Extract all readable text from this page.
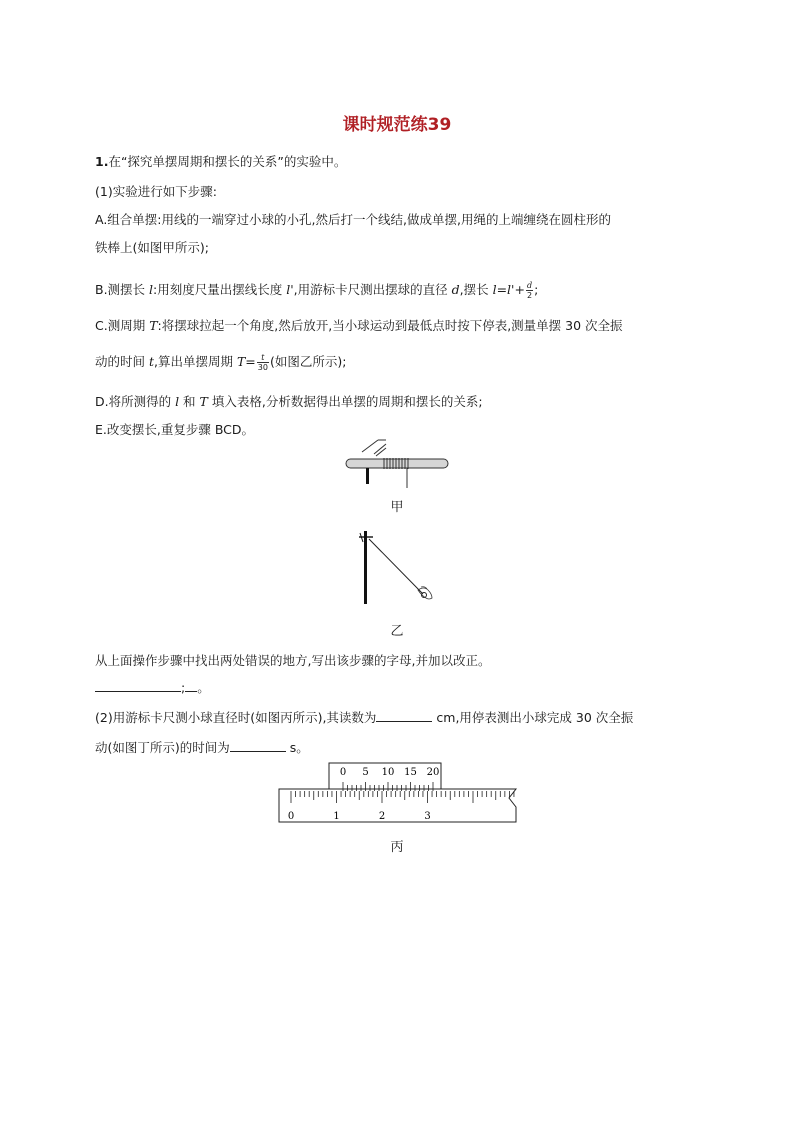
课时规范练39
1.在“探究单摆周期和摆长的关系”的实验中。
(1)实验进行如下步骤:
A.组合单摆:用线的一端穿过小球的小孔,然后打一个线结,做成单摆,用绳的上端缠绕在圆柱形的
铁棒上(如图甲所示);
B.测摆长 l:用刻度尺量出摆线长度 l',用游标卡尺测出摆球的直径 d,摆长 $l=l'+ \frac{d}{2}$ ;
C.测周期 T:将摆球拉起一个角度,然后放开,当小球运动到最低点时按下停表,测量单摆 30 次全振
动的时间 t,算出单摆周期 $T= \frac{t}{30}$ (如图乙所示);
D.将所测得的 l 和 T 填入表格,分析数据得出单摆的周期和摆长的关系;
E.改变摆长,重复步骤 BCD。
甲
乙
从上面操作步骤中找出两处错误的地方,写出该步骤的字母,并加以改正。
; 。
(2)用游标卡尺测小球直径时(如图丙所示),其读数为	cm,用停表测出小球完成 30 次全振
动(如图丁所示)的时间为	s。
0 5 10 15 20
0	1	2	3
丙
